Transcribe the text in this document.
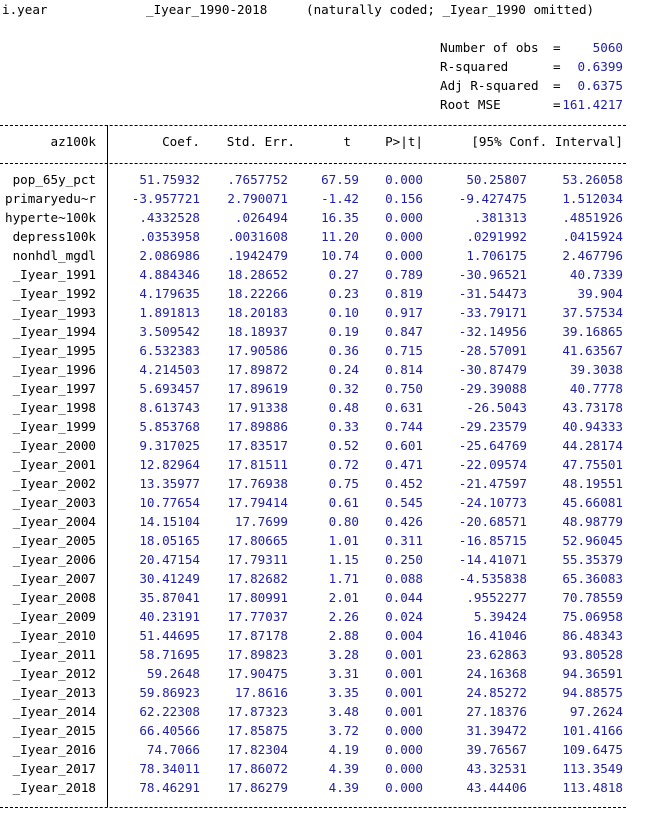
i.year	_Iyear_1990-2018	(naturally coded; _Iyear_1990 omitted)
Number of obs =	5060
R-squared	=	0.6399
Adj R-squared =	0.6375
Root MSE	= 161.4217
az100k	Coef.	Std. Err.	t	P>|t|	[95% Conf. Interval]
pop_65y_pct	51.75932	.7657752	67.59	0.000	50.25807	53.26058
primaryedu~r	-3.957721	2.790071	-1.42	0.156	-9.427475	1.512034
hyperte~100k	.4332528	.026494	16.35	0.000	.381313	.4851926
depress100k	.0353958	.0031608	11.20	0.000	.0291992	.0415924
nonhdl_mgdl	2.086986	.1942479	10.74	0.000	1.706175	2.467796
_Iyear_1991	4.884346	18.28652	0.27	0.789	-30.96521	40.7339
_Iyear_1992	4.179635	18.22266	0.23	0.819	-31.54473	39.904
_Iyear_1993	1.891813	18.20183	0.10	0.917	-33.79171	37.57534
_Iyear_1994	3.509542	18.18937	0.19	0.847	-32.14956	39.16865
_Iyear_1995	6.532383	17.90586	0.36	0.715	-28.57091	41.63567
_Iyear_1996	4.214503	17.89872	0.24	0.814	-30.87479	39.3038
_Iyear_1997	5.693457	17.89619	0.32	0.750	-29.39088	40.7778
_Iyear_1998	8.613743	17.91338	0.48	0.631	-26.5043	43.73178
_Iyear_1999	5.853768	17.89886	0.33	0.744	-29.23579	40.94333
_Iyear_2000	9.317025	17.83517	0.52	0.601	-25.64769	44.28174
_Iyear_2001	12.82964	17.81511	0.72	0.471	-22.09574	47.75501
_Iyear_2002	13.35977	17.76938	0.75	0.452	-21.47597	48.19551
_Iyear_2003	10.77654	17.79414	0.61	0.545	-24.10773	45.66081
_Iyear_2004	14.15104	17.7699	0.80	0.426	-20.68571	48.98779
_Iyear_2005	18.05165	17.80665	1.01	0.311	-16.85715	52.96045
_Iyear_2006	20.47154	17.79311	1.15	0.250	-14.41071	55.35379
_Iyear_2007	30.41249	17.82682	1.71	0.088	-4.535838	65.36083
_Iyear_2008	35.87041	17.80991	2.01	0.044	.9552277	70.78559
_Iyear_2009	40.23191	17.77037	2.26	0.024	5.39424	75.06958
_Iyear_2010	51.44695	17.87178	2.88	0.004	16.41046	86.48343
_Iyear_2011	58.71695	17.89823	3.28	0.001	23.62863	93.80528
_Iyear_2012	59.2648	17.90475	3.31	0.001	24.16368	94.36591
_Iyear_2013	59.86923	17.8616	3.35	0.001	24.85272	94.88575
_Iyear_2014	62.22308	17.87323	3.48	0.001	27.18376	97.2624
_Iyear_2015	66.40566	17.85875	3.72	0.000	31.39472	101.4166
_Iyear_2016	74.7066	17.82304	4.19	0.000	39.76567	109.6475
_Iyear_2017	78.34011	17.86072	4.39	0.000	43.32531	113.3549
_Iyear_2018	78.46291	17.86279	4.39	0.000	43.44406	113.4818
